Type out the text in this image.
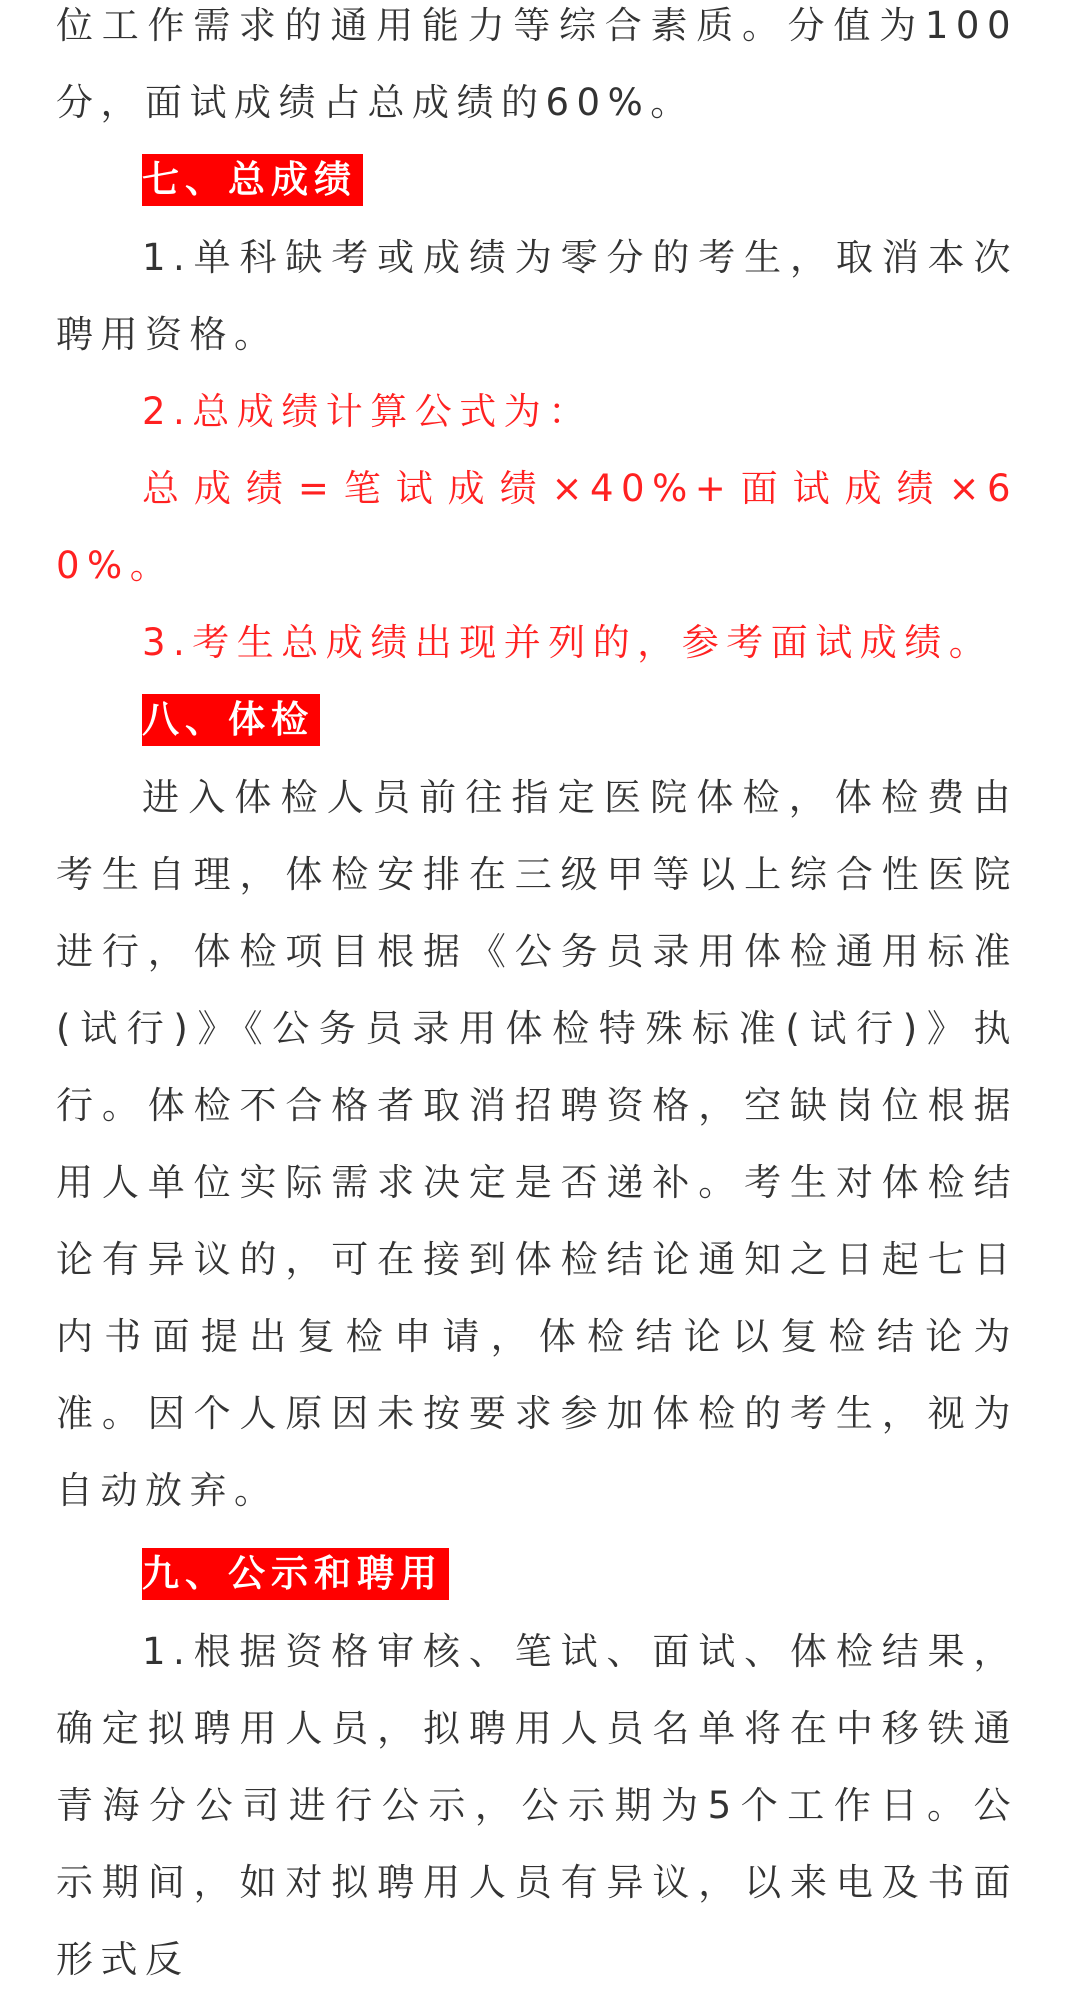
位工作需求的通用能力等综合素质。分值为100分，面试成绩占总成绩的60%。

七、总成绩

1.单科缺考或成绩为零分的考生，取消本次聘用资格。

2.总成绩计算公式为：

总成绩=笔试成绩×40%+面试成绩×60%。

3.考生总成绩出现并列的，参考面试成绩。

八、体检

进入体检人员前往指定医院体检，体检费由考生自理，体检安排在三级甲等以上综合性医院进行，体检项目根据《公务员录用体检通用标准(试行)》《公务员录用体检特殊标准(试行)》执行。体检不合格者取消招聘资格，空缺岗位根据用人单位实际需求决定是否递补。考生对体检结论有异议的，可在接到体检结论通知之日起七日内书面提出复检申请，体检结论以复检结论为准。因个人原因未按要求参加体检的考生，视为自动放弃。

九、公示和聘用

1.根据资格审核、笔试、面试、体检结果，确定拟聘用人员，拟聘用人员名单将在中移铁通青海分公司进行公示，公示期为5个工作日。公示期间，如对拟聘用人员有异议，以来电及书面形式反
